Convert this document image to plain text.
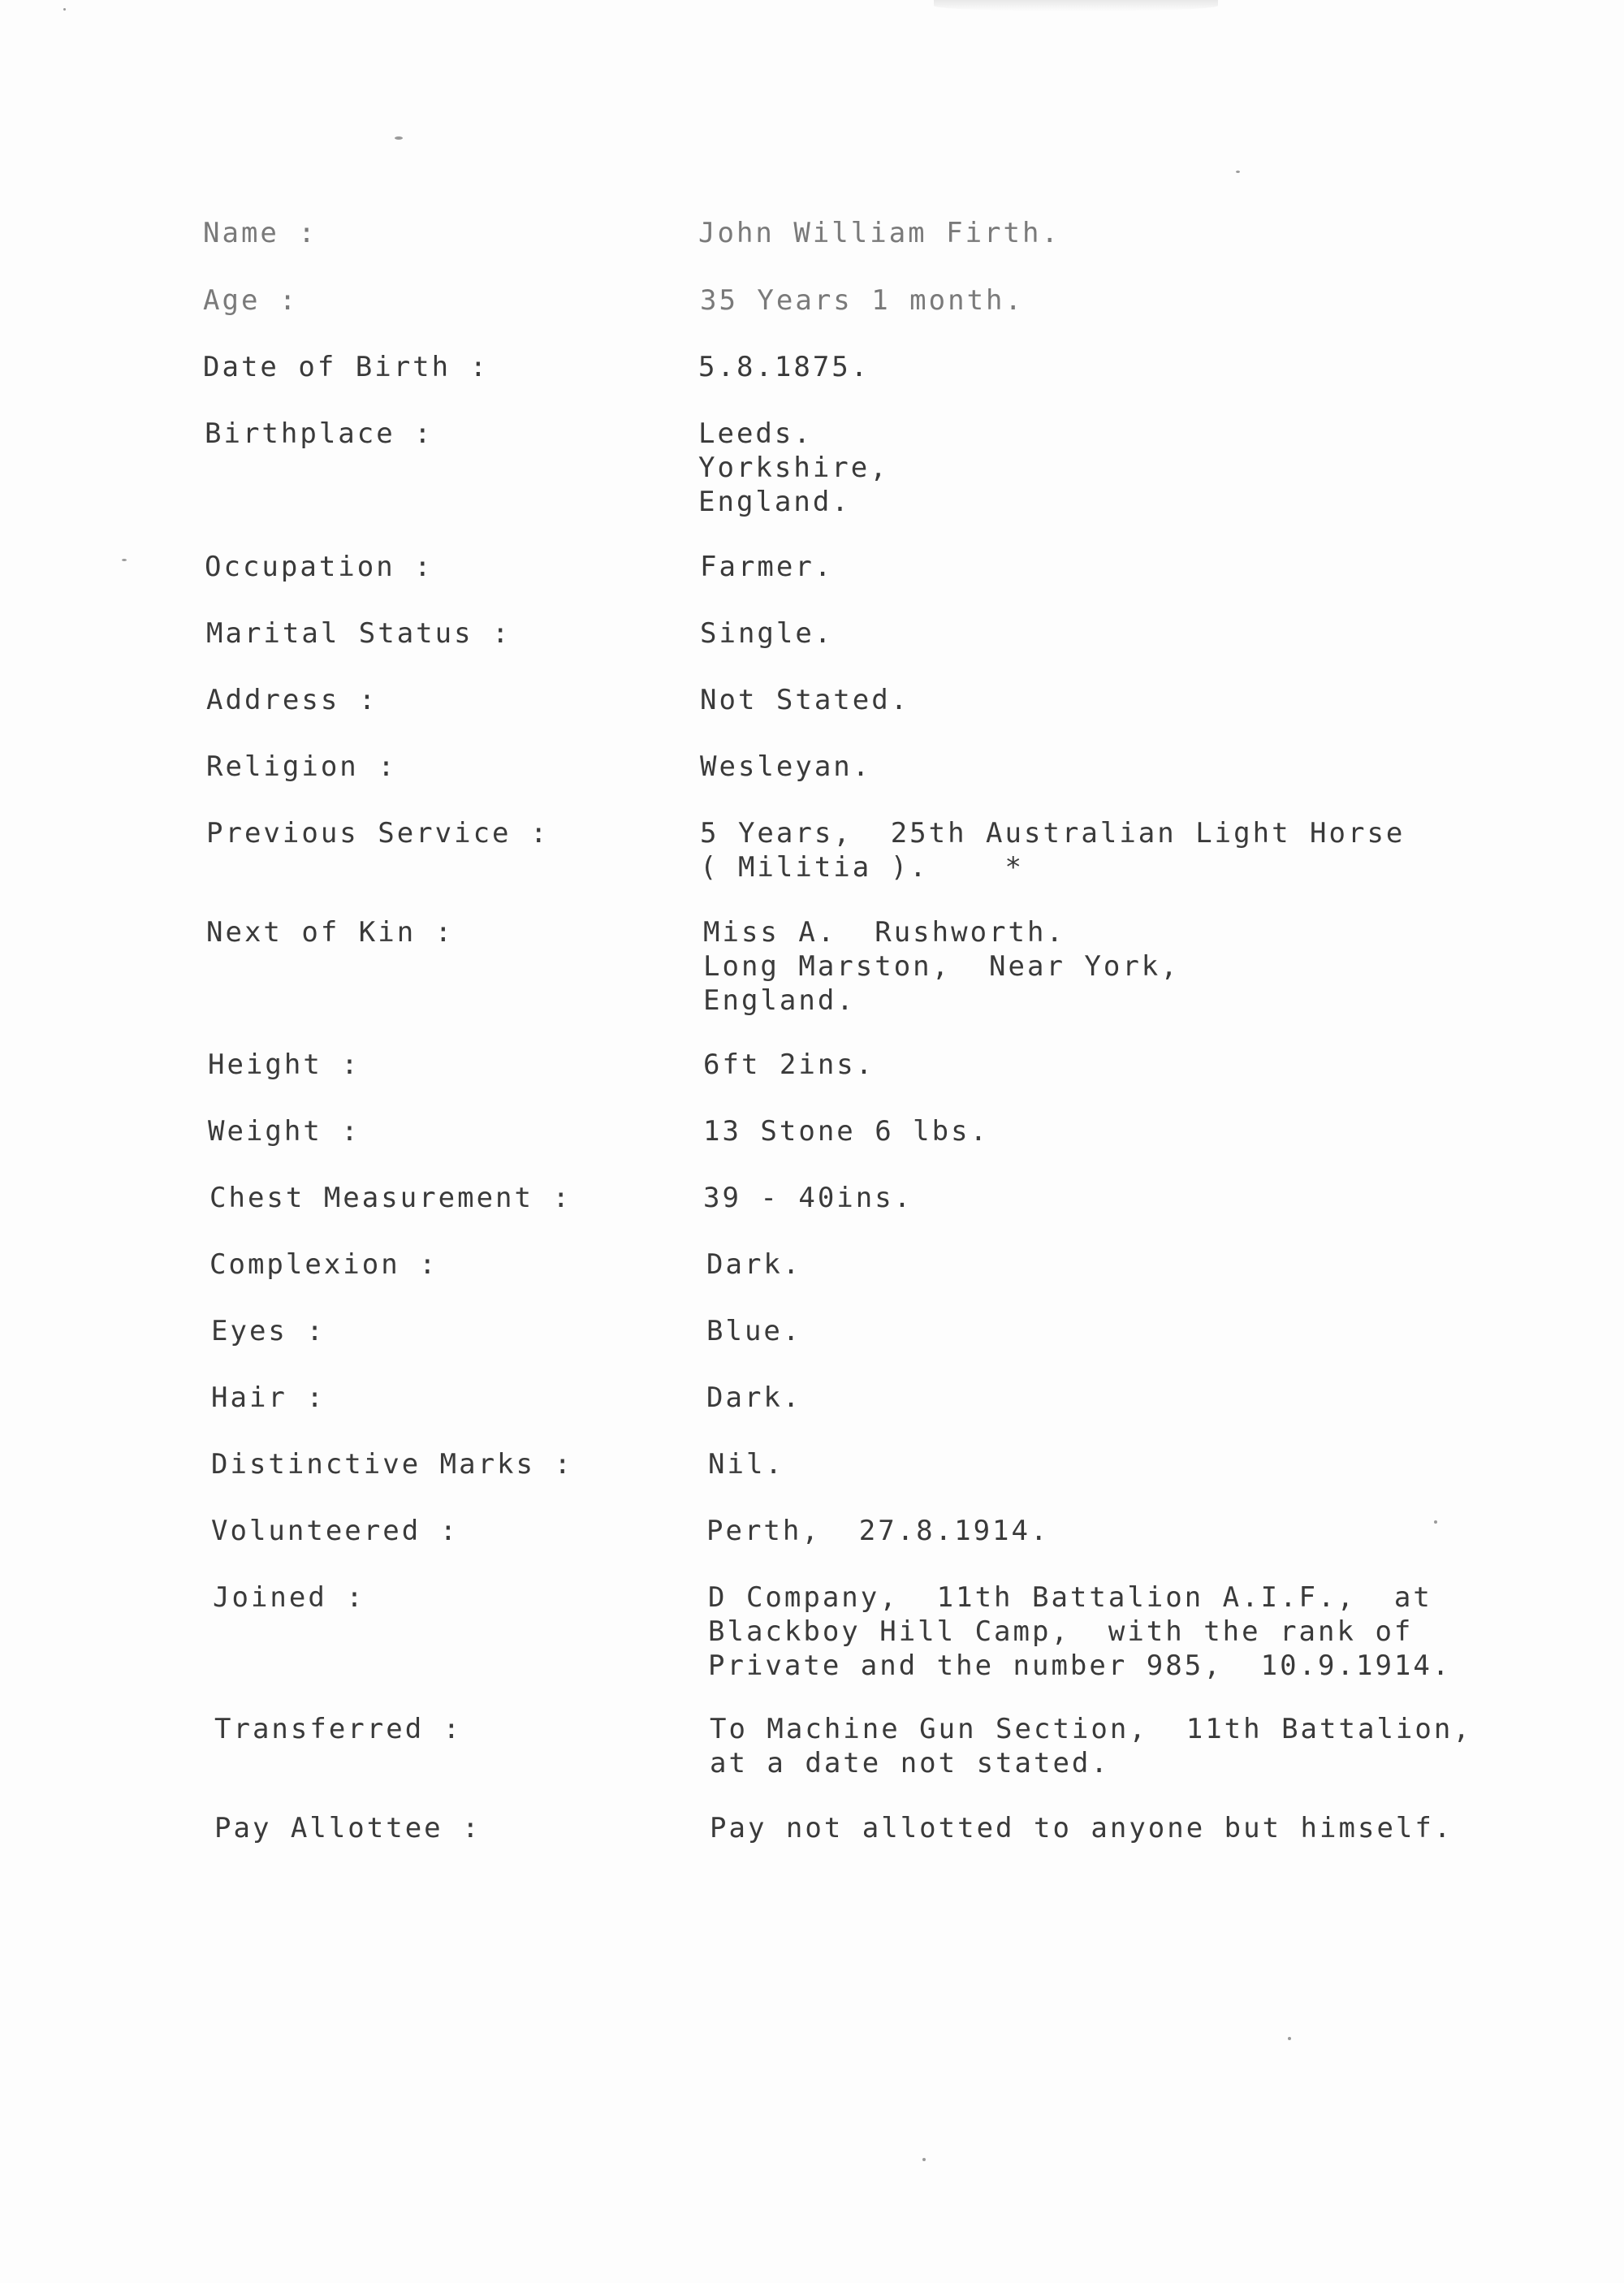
Name :	John William Firth.
Age :	35 Years 1 month.
Date of Birth :	5.8.1875.
Birthplace :	Leeds.
Yorkshire,
England.
Occupation :	Farmer.
Marital Status :	Single.
Address :	Not Stated.
Religion :	Wesleyan.
Previous Service :	5 Years,  25th Australian Light Horse
( Militia ).    *
Next of Kin :	Miss A.  Rushworth.
Long Marston,  Near York,
England.
Height :	6ft 2ins.
Weight :	13 Stone 6 lbs.
Chest Measurement :	39 - 40ins.
Complexion :	Dark.
Eyes :	Blue.
Hair :	Dark.
Distinctive Marks :	Nil.
Volunteered :	Perth,  27.8.1914.
Joined :	D Company,  11th Battalion A.I.F.,  at
Blackboy Hill Camp,  with the rank of
Private and the number 985,  10.9.1914.
Transferred :	To Machine Gun Section,  11th Battalion,
at a date not stated.
Pay Allottee :	Pay not allotted to anyone but himself.
